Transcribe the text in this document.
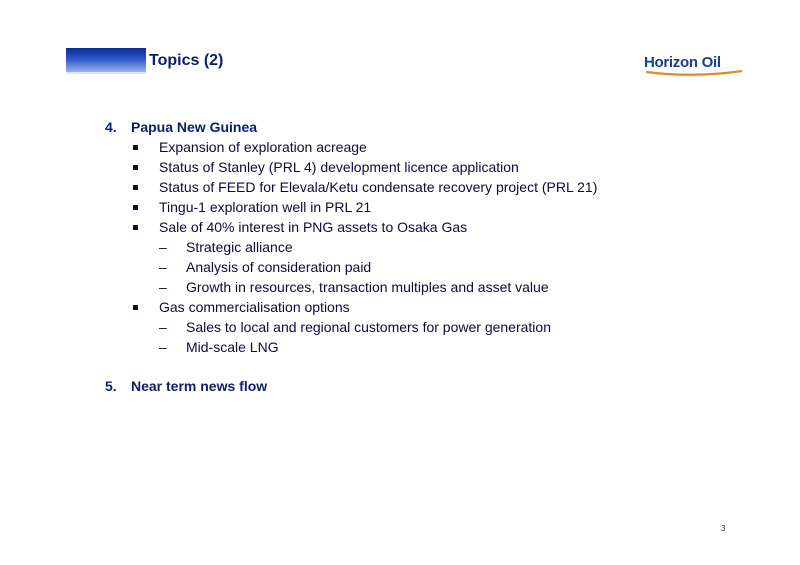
Topics (2)	Horizon Oil
4.	Papua New Guinea
Expansion of exploration acreage
Status of Stanley (PRL 4) development licence application
Status of FEED for Elevala/Ketu condensate recovery project (PRL 21)
Tingu-1 exploration well in PRL 21
Sale of 40% interest in PNG assets to Osaka Gas
–	Strategic alliance
–	Analysis of consideration paid
–	Growth in resources, transaction multiples and asset value
Gas commercialisation options
–	Sales to local and regional customers for power generation
–	Mid-scale LNG
5.	Near term news flow
3
